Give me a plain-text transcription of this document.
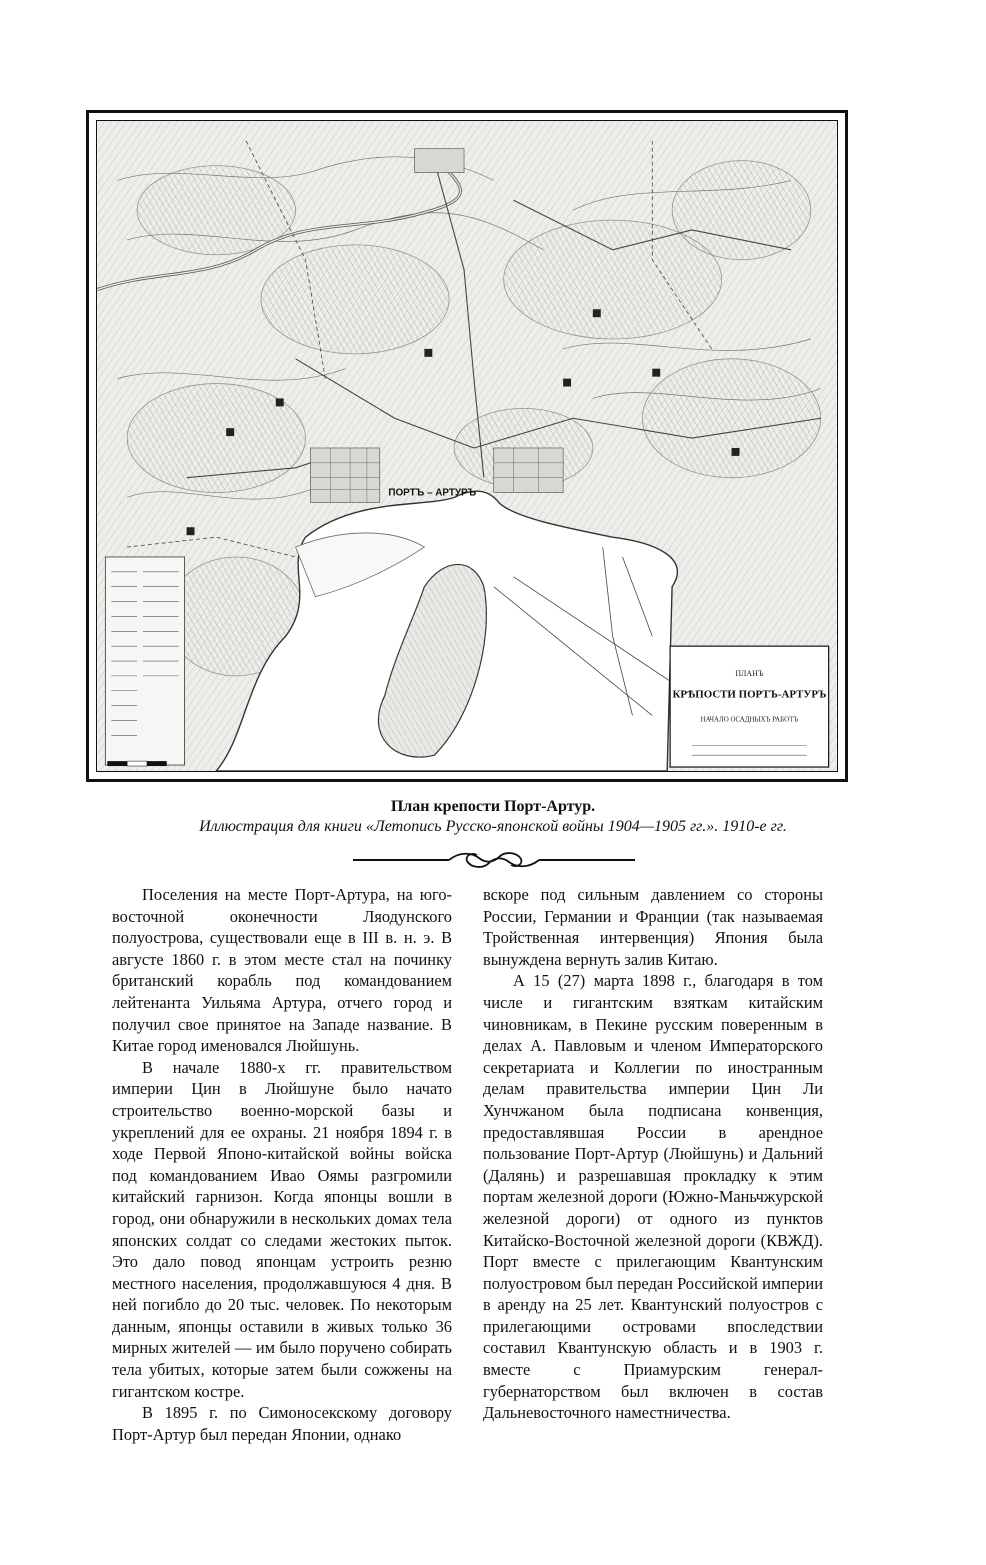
ПЛАНЪ
КРѢПОСТИ ПОРТЪ-АРТУРЪ
НАЧАЛО ОСАДНЫХЪ РАБОТЪ
ПОРТЪ – АРТУРЪ
План крепости Порт-Артур.
Иллюстрация для книги «Летопись Русско-японской войны 1904—1905 гг.». 1910-е гг.

Поселения на месте Порт-Артура, на юго-восточной оконечности Ляодунского полуострова, существовали еще в III в. н. э. В августе 1860 г. в этом месте стал на починку британский корабль под командованием лейтенанта Уильяма Артура, отчего город и получил свое принятое на Западе название. В Китае город именовался Люйшунь.

В начале 1880-х гг. правительством империи Цин в Люйшуне было начато строительство военно-морской базы и укреплений для ее охраны. 21 ноября 1894 г. в ходе Первой Японо-китайской войны войска под командованием Ивао Оямы разгромили китайский гарнизон. Когда японцы вошли в город, они обнаружили в нескольких домах тела японских солдат со следами жестоких пыток. Это дало повод японцам устроить резню местного населения, продолжавшуюся 4 дня. В ней погибло до 20 тыс. человек. По некоторым данным, японцы оставили в живых только 36 мирных жителей — им было поручено собирать тела убитых, которые затем были сожжены на гигантском костре.

В 1895 г. по Симоносекскому договору Порт-Артур был передан Японии, однако

вскоре под сильным давлением со стороны России, Германии и Франции (так называемая Тройственная интервенция) Япония была вынуждена вернуть залив Китаю.

А 15 (27) марта 1898 г., благодаря в том числе и гигантским взяткам китайским чиновникам, в Пекине русским повеpенным в делах А. Павловым и членом Императорского секретариата и Коллегии по иностранным делам правительства империи Цин Ли Хунчжаном была подписана конвенция, предоставлявшая России в арендное пользование Порт-Артур (Люйшунь) и Дальний (Далянь) и разрешавшая прокладку к этим портам железной дороги (Южно-Маньчжурской железной дороги) от одного из пунктов Китайско-Восточной железной дороги (КВЖД). Порт вместе с прилегающим Квантунским полуостровом был передан Российской империи в аренду на 25 лет. Квантунский полуостров с прилегающими островами впоследствии составил Квантунскую область и в 1903 г. вместе с Приамурским генерал-губернаторством был включен в состав Дальневосточного наместничества.
